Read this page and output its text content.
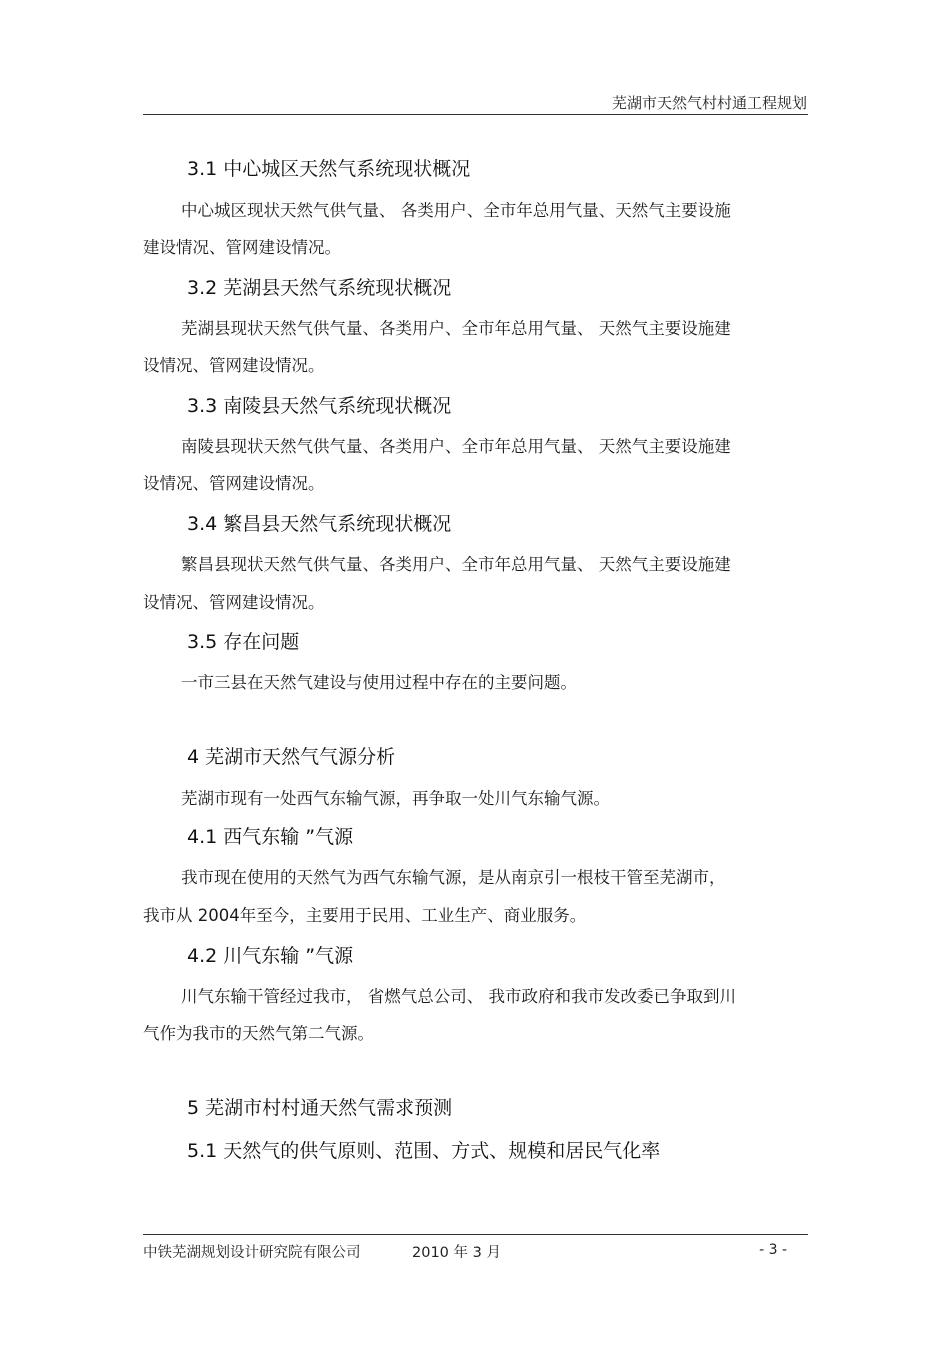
芜湖市天然气村村通工程规划
3.1 中心城区天然气系统现状概况
中心城区现状天然气供气量、 各类用户、全市年总用气量、天然气主要设施
建设情况、管网建设情况。
3.2 芜湖县天然气系统现状概况
芜湖县现状天然气供气量、各类用户、全市年总用气量、 天然气主要设施建
设情况、管网建设情况。
3.3 南陵县天然气系统现状概况
南陵县现状天然气供气量、各类用户、全市年总用气量、 天然气主要设施建
设情况、管网建设情况。
3.4 繁昌县天然气系统现状概况
繁昌县现状天然气供气量、各类用户、全市年总用气量、 天然气主要设施建
设情况、管网建设情况。
3.5 存在问题
一市三县在天然气建设与使用过程中存在的主要问题。
4 芜湖市天然气气源分析
芜湖市现有一处西气东输气源，再争取一处川气东输气源。
4.1 西气东输 ”气源
我市现在使用的天然气为西气东输气源，是从南京引一根枝干管至芜湖市，
我市从 2004年至今，主要用于民用、工业生产、商业服务。
4.2 川气东输 ”气源
川气东输干管经过我市， 省燃气总公司、 我市政府和我市发改委已争取到川
气作为我市的天然气第二气源。
5 芜湖市村村通天然气需求预测
5.1 天然气的供气原则、范围、方式、规模和居民气化率
中铁芜湖规划设计研究院有限公司	2010 年 3 月	- 3 -
